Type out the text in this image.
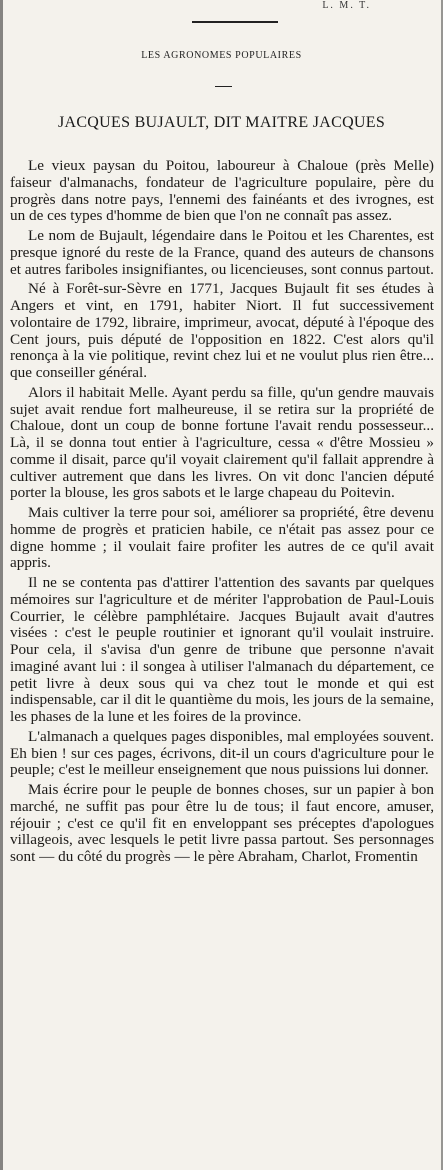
L. M. T.
LES AGRONOMES POPULAIRES
JACQUES BUJAULT, DIT MAITRE JACQUES

Le vieux paysan du Poitou, laboureur à Chaloue (près Melle) faiseur d'almanachs, fondateur de l'agriculture populaire, père du progrès dans notre pays, l'ennemi des fainéants et des ivrognes, est un de ces types d'homme de bien que l'on ne connaît pas assez.

Le nom de Bujault, légendaire dans le Poitou et les Charentes, est presque ignoré du reste de la France, quand des auteurs de chansons et autres fariboles insignifiantes, ou licencieuses, sont connus partout.

Né à Forêt-sur-Sèvre en 1771, Jacques Bujault fit ses études à Angers et vint, en 1791, habiter Niort. Il fut successivement volontaire de 1792, libraire, imprimeur, avocat, député à l'époque des Cent jours, puis député de l'opposition en 1822. C'est alors qu'il renonça à la vie politique, revint chez lui et ne voulut plus rien être... que conseiller général.

Alors il habitait Melle. Ayant perdu sa fille, qu'un gendre mauvais sujet avait rendue fort malheureuse, il se retira sur la propriété de Chaloue, dont un coup de bonne fortune l'avait rendu possesseur... Là, il se donna tout entier à l'agriculture, cessa « d'être Mossieu » comme il disait, parce qu'il voyait clairement qu'il fallait apprendre à cultiver autrement que dans les livres. On vit donc l'ancien député porter la blouse, les gros sabots et le large chapeau du Poitevin.

Mais cultiver la terre pour soi, améliorer sa propriété, être devenu homme de progrès et praticien habile, ce n'était pas assez pour ce digne homme ; il voulait faire profiter les autres de ce qu'il avait appris.

Il ne se contenta pas d'attirer l'attention des savants par quelques mémoires sur l'agriculture et de mériter l'approbation de Paul-Louis Courrier, le célèbre pamphlétaire. Jacques Bujault avait d'autres visées : c'est le peuple routinier et ignorant qu'il voulait instruire. Pour cela, il s'avisa d'un genre de tribune que personne n'avait imaginé avant lui : il songea à utiliser l'almanach du département, ce petit livre à deux sous qui va chez tout le monde et qui est indispensable, car il dit le quantième du mois, les jours de la semaine, les phases de la lune et les foires de la province.

L'almanach a quelques pages disponibles, mal employées souvent. Eh bien ! sur ces pages, écrivons, dit-il un cours d'agriculture pour le peuple; c'est le meilleur enseignement que nous puissions lui donner.

Mais écrire pour le peuple de bonnes choses, sur un papier à bon marché, ne suffit pas pour être lu de tous; il faut encore, amuser, réjouir ; c'est ce qu'il fit en enveloppant ses préceptes d'apologues villageois, avec lesquels le petit livre passa partout. Ses personnages sont — du côté du progrès — le père Abraham, Charlot, Fromentin
